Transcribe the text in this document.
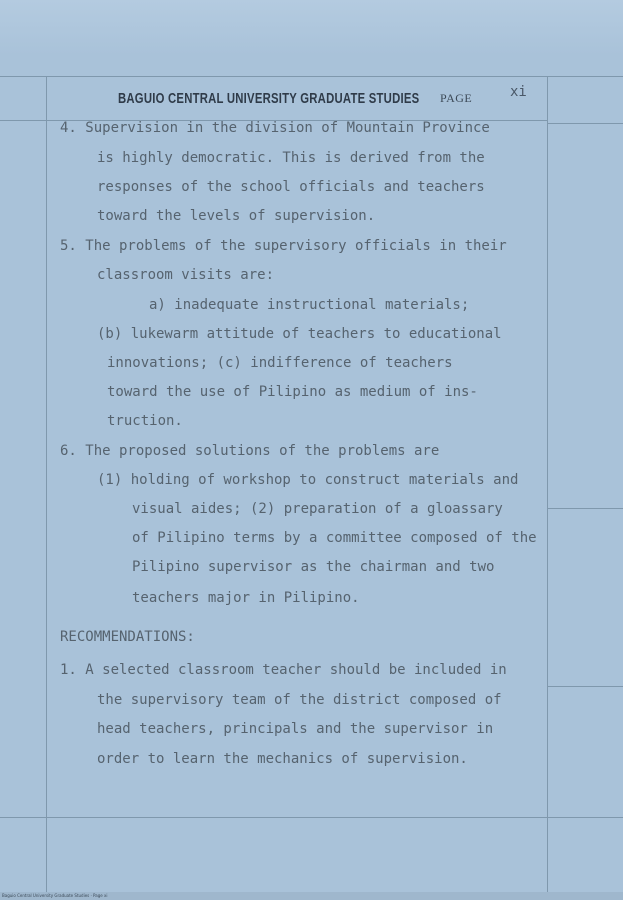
BAGUIO CENTRAL UNIVERSITY GRADUATE STUDIES	PAGE	xi
4. Supervision in the division of Mountain Province
is highly democratic. This is derived from the
responses of the school officials and teachers
toward the levels of supervision.
5. The problems of the supervisory officials in their
classroom visits are:
a) inadequate instructional materials;
(b) lukewarm attitude of teachers to educational
innovations; (c) indifference of teachers
toward the use of Pilipino as medium of ins-
truction.
6. The proposed solutions of the problems are
(1) holding of workshop to construct materials and
visual aides; (2) preparation of a gloassary
of Pilipino terms by a committee composed of the
Pilipino supervisor as the chairman and two
teachers major in Pilipino.
RECOMMENDATIONS:
1. A selected classroom teacher should be included in
the supervisory team of the district composed of
head teachers, principals and the supervisor in
order to learn the mechanics of supervision.
Baguio Central University Graduate Studies · Page xi
